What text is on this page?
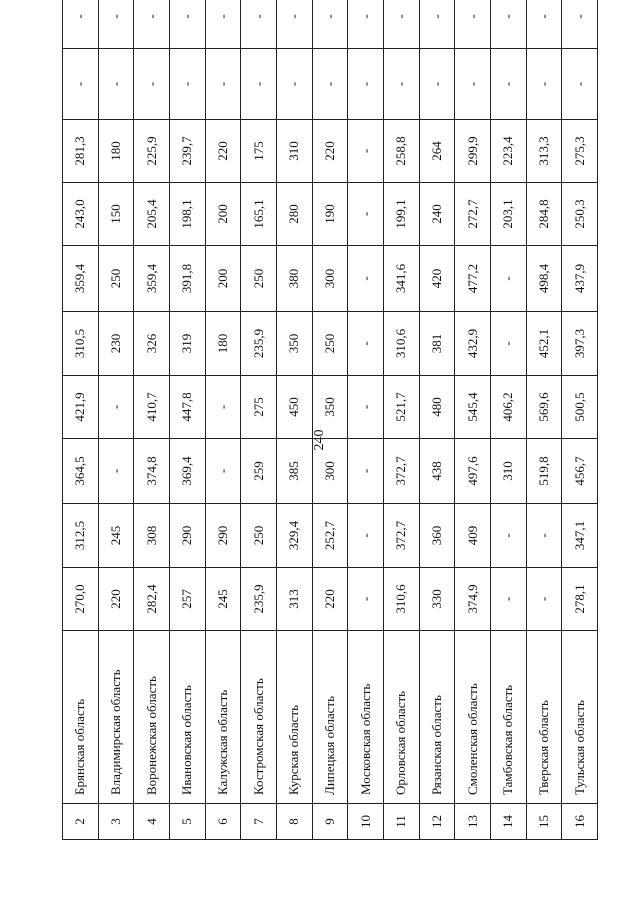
240
2	Брянская область	270,0	312,5	364,5	421,9	310,5	359,4	243,0	281,3	-	-
3	Владимирская область	220	245	-	-	230	250	150	180	-	-
4	Воронежская область	282,4	308	374,8	410,7	326	359,4	205,4	225,9	-	-
5	Ивановская область	257	290	369,4	447,8	319	391,8	198,1	239,7	-	-
6	Калужская область	245	290	-	-	180	200	200	220	-	-
7	Костромская область	235,9	250	259	275	235,9	250	165,1	175	-	-
8	Курская область	313	329,4	385	450	350	380	280	310	-	-
9	Липецкая область	220	252,7	300	350	250	300	190	220	-	-
10	Московская область	-	-	-	-	-	-	-	-	-	-
11	Орловская область	310,6	372,7	372,7	521,7	310,6	341,6	199,1	258,8	-	-
12	Рязанская область	330	360	438	480	381	420	240	264	-	-
13	Смоленская область	374,9	409	497,6	545,4	432,9	477,2	272,7	299,9	-	-
14	Тамбовская область	-	-	310	406,2	-	-	203,1	223,4	-	-
15	Тверская область	-	-	519,8	569,6	452,1	498,4	284,8	313,3	-	-
16	Тульская область	278,1	347,1	456,7	500,5	397,3	437,9	250,3	275,3	-	-
